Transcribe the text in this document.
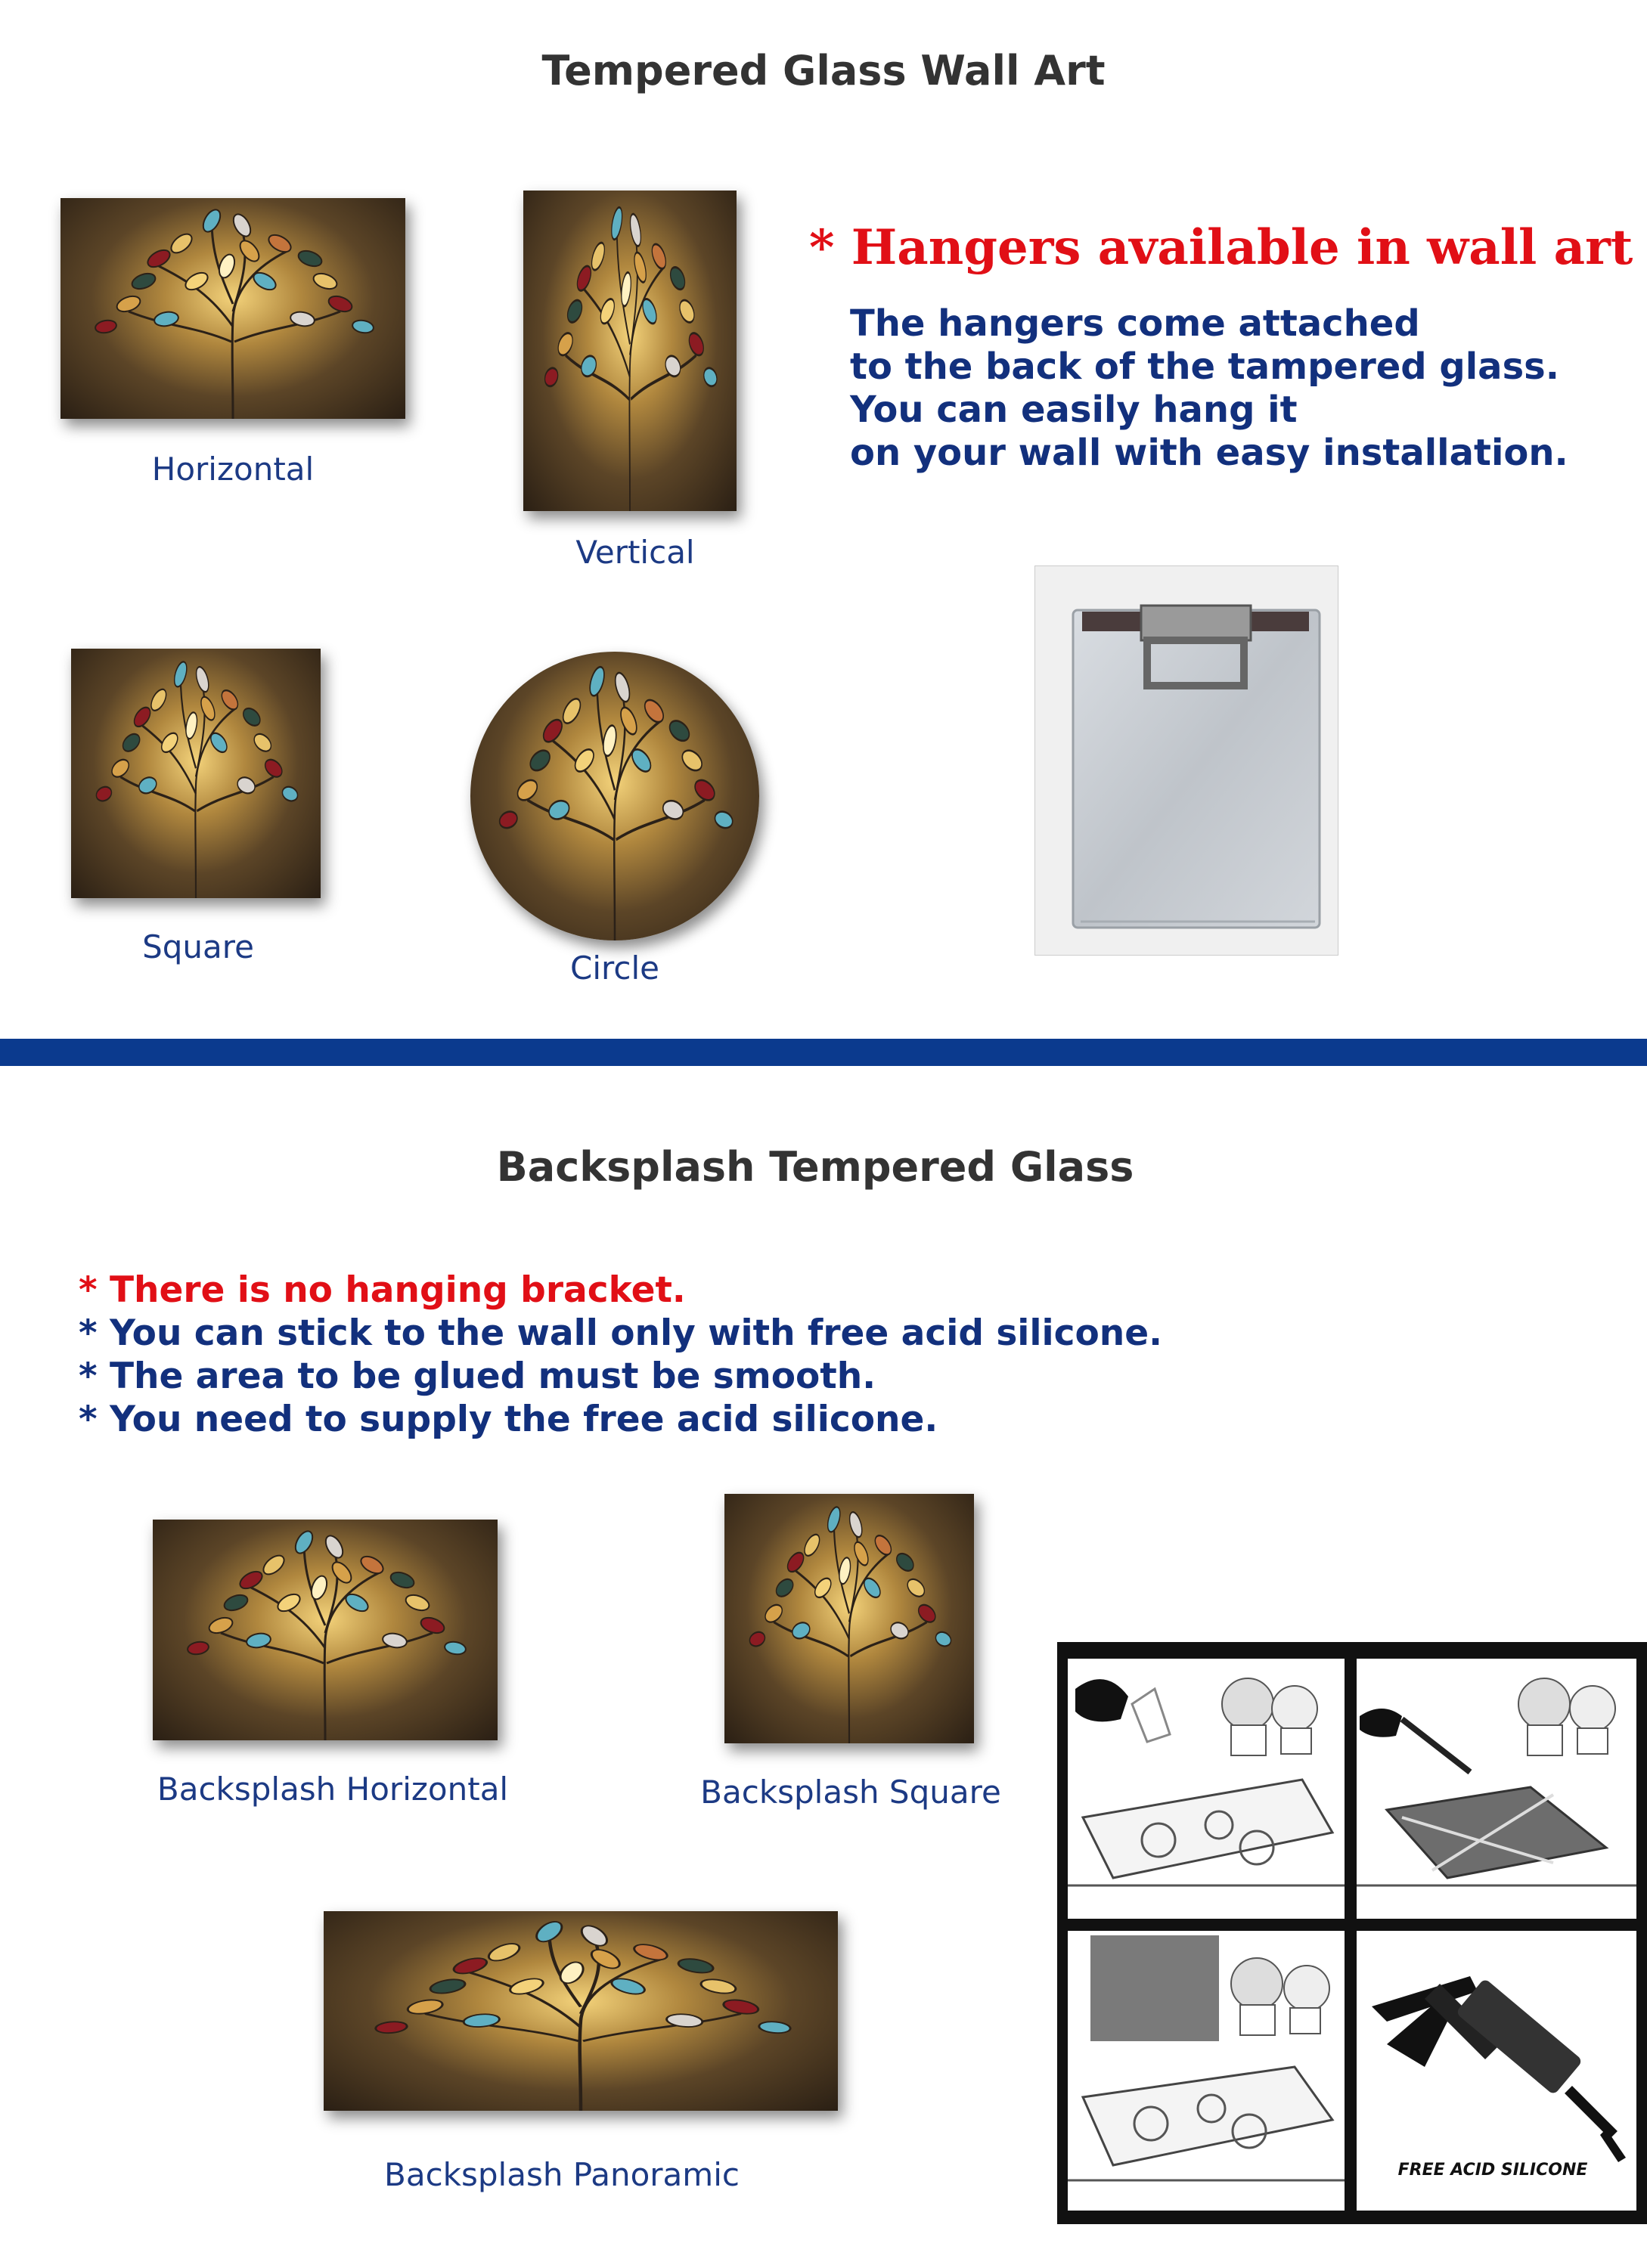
Tempered Glass Wall Art
Horizontal
Vertical
Square
Circle
* Hangers available in wall art
The hangers come attached
to the back of the tampered glass.
You can easily hang it
on your wall with easy installation.
Backsplash Tempered Glass
* There is no hanging bracket.
* You can stick to the wall only with free acid silicone.
* The area to be glued must be smooth.
* You need to supply the free acid silicone.
Backsplash Horizontal	Backsplash Square
Backsplash Panoramic	FREE ACID SILICONE
